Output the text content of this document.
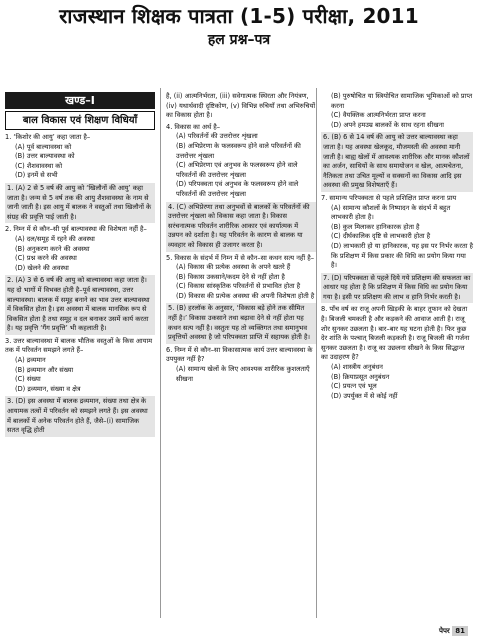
राजस्थान शिक्षक पात्रता (1-5) परीक्षा, 2011
हल प्रश्न–पत्र
खण्ड–I
बाल विकास एवं शिक्षण विधियाँ
1. ‘किशोर की आयु’ कहा जाता है–
(A) पूर्व बाल्यावस्था को
(B) उत्तर बाल्यावस्था को
(C) शैशवावस्था को
(D) इनमें से सभी
1. (A) 2 से 5 वर्ष की आयु को ‘खिलौनों की आयु’ कहा जाता है। जन्म से 5 वर्ष तक की आयु शैशवावस्था के नाम से जानी जाती है। इस आयु में बालक ने वस्तुओं तथा खिलौनों के संग्रह की प्रवृत्ति पाई जाती है।
2. निम्न में से कौन–सी पूर्व बाल्यावस्था की विशेषता नहीं है–
(A) दल/समूह में रहने की अवस्था
(B) अनुकरण करने की अवस्था
(C) प्रश्न करने की अवस्था
(D) खेलने की अवस्था
2. (A) 3 से 6 वर्ष की आयु को बाल्यावस्था कहा जाता है। यह दो भागों में विभक्त होती है–पूर्व बाल्यावस्था, उत्तर बाल्यावस्था। बालक में समूह बनाने का भाव उत्तर बाल्यावस्था में विकसित होता है। इस अवस्था में बालक मानसिक रूप से विकसित होता है तथा समूह व दल बनाकर उसमें कार्य करता है। यह प्रवृत्ति ‘गैंग प्रवृत्ति’ भी कहलाती है।
3. उत्तर बाल्यावस्था में बालक भौतिक वस्तुओं के किस आयाम तक में परिवर्तन समझने लगते हैं–
(A) द्रव्यमान
(B) द्रव्यमान और संख्या
(C) संख्या
(D) द्रव्यमान, संख्या व क्षेत्र
3. (D) इस अवस्था में बालक द्रव्यमान, संख्या तथा क्षेत्र के आयामक तत्वों में परिवर्तन को समझने लगते हैं। इस अवस्था में बालकों में अनेक परिवर्तन होते हैं, जैसे–(i) सामाजिक सतत वृद्धि होती
है, (ii) आत्मनिर्भरता, (iii) सवेगात्मक स्थिरता और नियंत्रण, (iv) यथार्थवादी दृष्टिकोण, (v) विभिन्न रुचियाँ तथा अभिरुचियों का विकास होता है।
4. विकास का अर्थ है–
(A) परिवर्तनों की उत्तरोत्तर शृंखला
(B) अभिप्रेरणा के फलस्वरूप होने वाले परिवर्तनों की उत्तरोत्तर शृंखला
(C) अभिप्रेरणा एवं अनुभव के फलस्वरूप होने वाले परिवर्तनों की उत्तरोत्तर शृंखला
(D) परिपक्वता एवं अनुभव के फलस्वरूप होने वाले परिवर्तनों की उत्तरोत्तर शृंखला
4. (C) अभिप्रेरणा तथा अनुभवों से बालकों के परिवर्तनों की उत्तरोत्तर शृंखला को विकास कहा जाता है। विकास सरंचनात्मक परिवर्तन शारीरिक आकार एवं कार्यात्मक में उन्नयन को दर्शाता है। यह परिवर्तन के कारण से बालक या व्यवहार को विकास ही उजागर करता है।
5. विकास के संदर्भ में निम्न में से कौन–सा कथन सत्य नहीं है–
(A) विकास की प्रत्येक अवस्था के अपने खतरे हैं
(B) विकास उकसाने/कदम देने से नहीं होता है
(C) विकास सांस्कृतिक परिवर्तनों से प्रभावित होता है
(D) विकास की प्रत्येक अवस्था की अपनी विशेषता होती है
5. (B) हरलॉक के अनुसार, ‘विकास बड़े होने तक सीमित नहीं है।’ विकास उकसाने तथा बढ़ावा देने से नहीं होता यह कथन सत्य नहीं है। वस्तुतः यह तो व्यक्तिगत तथा समानुभव प्रवृत्तियों अवस्था है जो परिपक्वता प्राप्ति में सहायक होती है।
6. निम्न में से कौन–सा विकासात्मक कार्य उत्तर बाल्यावस्था के उपयुक्त नहीं है?
(A) सामान्य खेलों के लिए आवश्यक शारीरिक कुशलताएँ सीखना
(B) पुरुषोचित या स्त्रियोचित सामाजिक भूमिकाओं को प्राप्त करना
(C) वैयक्तिक आत्मनिर्भरता प्राप्त करना
(D) अपने हमउम्र बालकों के साथ रहना सीखना
6. (B) 6 से 14 वर्ष की आयु को उत्तर बाल्यावस्था कहा जाता है। यह अवस्था खेलकूद, मौजमस्ती की अवस्था मानी जाती है। बाह्य खेलों में आवश्यक शारीरिक और मानक कौशलों का अर्जन, साथियों के साथ समायोजन व खेल, आत्मचेतना, नैतिकता तथा उचित मूल्यों व सक्सनों का विकास आदि इस अवस्था की प्रमुख विशेषताएँ हैं।
7. सामान्य परिपक्वता से पहले प्रशिक्षित प्राप्त करना प्राय
(A) सामान्य कौशलों के निष्पादन के संदर्भ में बहुत लाभकारी होता है।
(B) कुल मिलाकर हानिकारक होता है
(C) दीर्घकालिक दृष्टि से लाभकारी होता है
(D) लाभकारी हो या हानिकारक, यह इस पर निर्भर करता है कि प्रशिक्षण में किस प्रकार की विधि का प्रयोग किया गया है।
7. (D) परिपक्वता से पहले दिये गये प्रशिक्षण की सफलता का आधार यह होता है कि प्रशिक्षण में किस विधि का प्रयोग किया गया है। इसी पर प्रशिक्षण की लाभ व हानि निर्भर करती है।
8. पाँच वर्ष का राजू अपनी खिड़की के बाहर तूफान को देखता है। बिजली चमकती है और कड़कने की आवाज आती है। राजू शोर सुनकर उछलता है। बार–बार यह घटना होती है। फिर कुछ देर शांति के पश्चात् बिजली कड़कती है। राजू बिजली की गर्जना सुनकर उछलता है। राजू का उछलना सीखने के किस सिद्धान्त का उदाहरण है?
(A) शास्त्रीय अनुबंधन
(B) क्रियाप्रसूत अनुबंधन
(C) प्रयत्न एवं भूल
(D) उपर्युक्त में से कोई नहीं
पेपर 81
